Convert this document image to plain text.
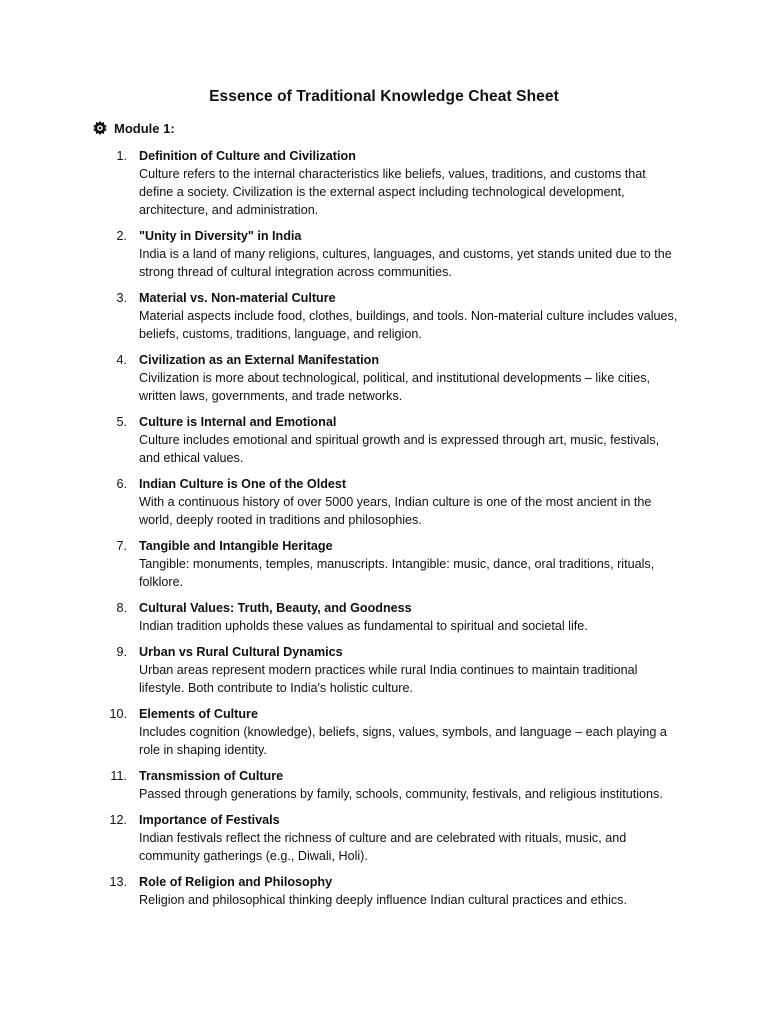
Essence of Traditional Knowledge Cheat Sheet
Module 1:
1. Definition of Culture and Civilization
Culture refers to the internal characteristics like beliefs, values, traditions, and customs that define a society. Civilization is the external aspect including technological development, architecture, and administration.
2. "Unity in Diversity" in India
India is a land of many religions, cultures, languages, and customs, yet stands united due to the strong thread of cultural integration across communities.
3. Material vs. Non-material Culture
Material aspects include food, clothes, buildings, and tools. Non-material culture includes values, beliefs, customs, traditions, language, and religion.
4. Civilization as an External Manifestation
Civilization is more about technological, political, and institutional developments – like cities, written laws, governments, and trade networks.
5. Culture is Internal and Emotional
Culture includes emotional and spiritual growth and is expressed through art, music, festivals, and ethical values.
6. Indian Culture is One of the Oldest
With a continuous history of over 5000 years, Indian culture is one of the most ancient in the world, deeply rooted in traditions and philosophies.
7. Tangible and Intangible Heritage
Tangible: monuments, temples, manuscripts. Intangible: music, dance, oral traditions, rituals, folklore.
8. Cultural Values: Truth, Beauty, and Goodness
Indian tradition upholds these values as fundamental to spiritual and societal life.
9. Urban vs Rural Cultural Dynamics
Urban areas represent modern practices while rural India continues to maintain traditional lifestyle. Both contribute to India's holistic culture.
10. Elements of Culture
Includes cognition (knowledge), beliefs, signs, values, symbols, and language – each playing a role in shaping identity.
11. Transmission of Culture
Passed through generations by family, schools, community, festivals, and religious institutions.
12. Importance of Festivals
Indian festivals reflect the richness of culture and are celebrated with rituals, music, and community gatherings (e.g., Diwali, Holi).
13. Role of Religion and Philosophy
Religion and philosophical thinking deeply influence Indian cultural practices and ethics.
